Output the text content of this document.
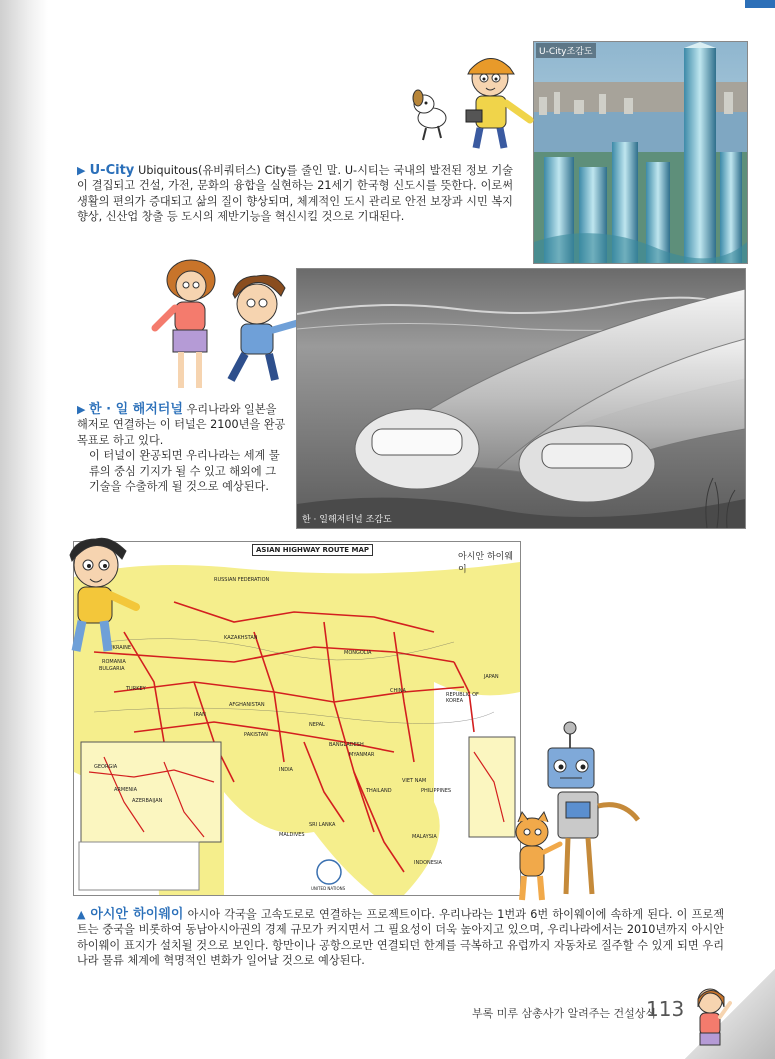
U-City조감도
▶ U-City Ubiquitous(유비쿼터스) City를 줄인 말. U-시티는 국내의 발전된 정보 기술이 결집되고 건설, 가전, 문화의 융합을 실현하는 21세기 한국형 신도시를 뜻한다. 이로써 생활의 편의가 증대되고 삶의 질이 향상되며, 체계적인 도시 관리로 안전 보장과 시민 복지 향상, 신산업 창출 등 도시의 제반기능을 혁신시킬 것으로 기대된다.
한 · 일해저터널 조감도
▶ 한 · 일 해저터널 우리나라와 일본을 해저로 연결하는 이 터널은 2100년을 완공 목표로 하고 있다.
이 터널이 완공되면 우리나라는 세계 물류의 중심 기지가 될 수 있고 해외에 그 기술을 수출하게 될 것으로 예상된다.
ASIAN HIGHWAY ROUTE MAP
아시안 하이웨이
RUSSIAN FEDERATION
UKRAINE
ROMANIA
BULGARIA
TURKEY
KAZAKHSTAN
MONGOLIA
CHINA
REPUBLIC OF KOREA
JAPAN
IRAN
INDIA
NEPAL
MYANMAR
VIET NAM
PHILIPPINES
SRI LANKA
MALDIVES	MALAYSIA
INDONESIA
AFGHANISTAN
PAKISTAN
BANGLADESH
THAILAND
GEORGIA
ARMENIA
AZERBAIJAN
UNITED NATIONS
▲ 아시안 하이웨이 아시아 각국을 고속도로로 연결하는 프로젝트이다. 우리나라는 1번과 6번 하이웨이에 속하게 된다. 이 프로젝트는 중국을 비롯하여 동남아시아권의 경제 규모가 커지면서 그 필요성이 더욱 높아지고 있으며, 우리나라에서는 2010년까지 아시안 하이웨이 표지가 설치될 것으로 보인다. 항만이나 공항으로만 연결되던 한계를 극복하고 유럽까지 자동차로 질주할 수 있게 되면 우리나라 물류 체계에 혁명적인 변화가 일어날 것으로 예상된다.
부록 미루 삼총사가 알려주는 건설상식
113
